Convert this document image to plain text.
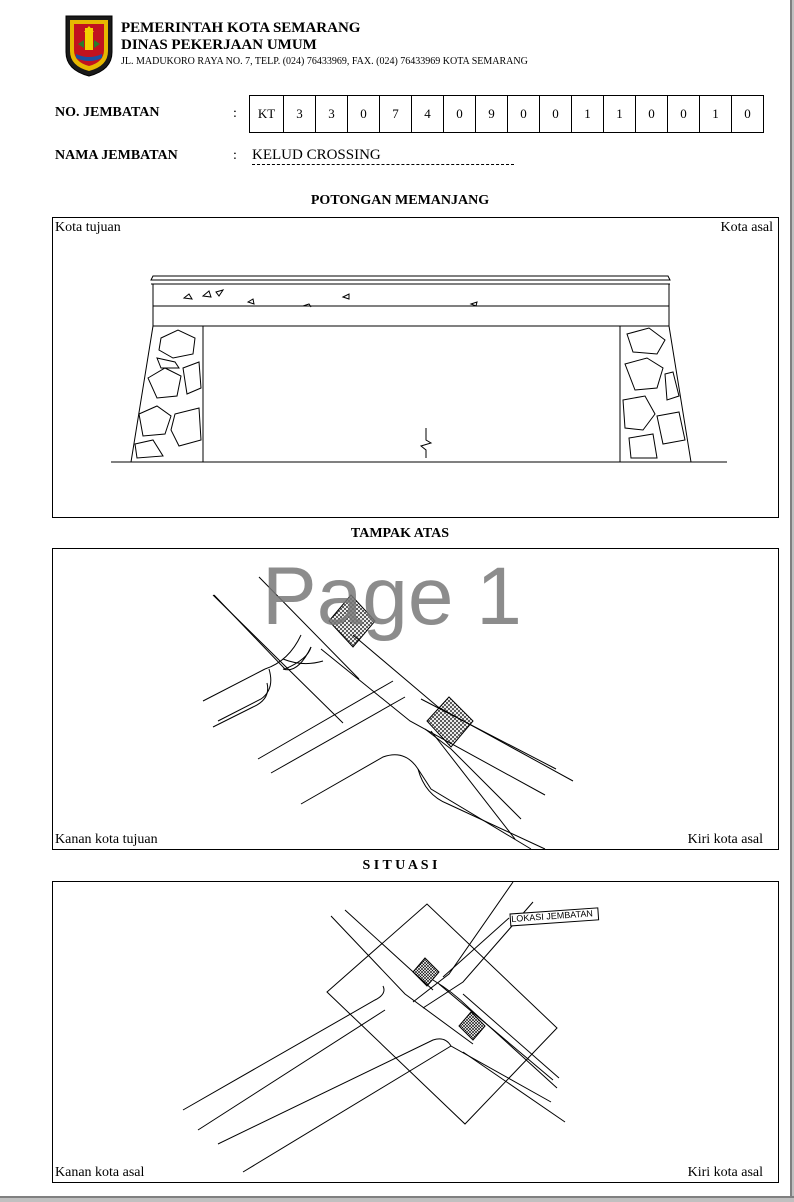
PEMERINTAH KOTA SEMARANG
DINAS PEKERJAAN UMUM
JL. MADUKORO RAYA NO. 7, TELP. (024) 76433969, FAX. (024) 76433969 KOTA SEMARANG
NO. JEMBATAN	:	KT	3	3	0	7	4	0	9	0	0	1	1	0	0	1	0
NAMA JEMBATAN	: KELUD CROSSING
POTONGAN MEMANJANG
Kota tujuan	Kota asal
TAMPAK ATAS
Kanan kota tujuan	Kiri kota asal
S I T U A S I
LOKASI JEMBATAN
Kanan kota asal	Kiri kota asal
Page 1
